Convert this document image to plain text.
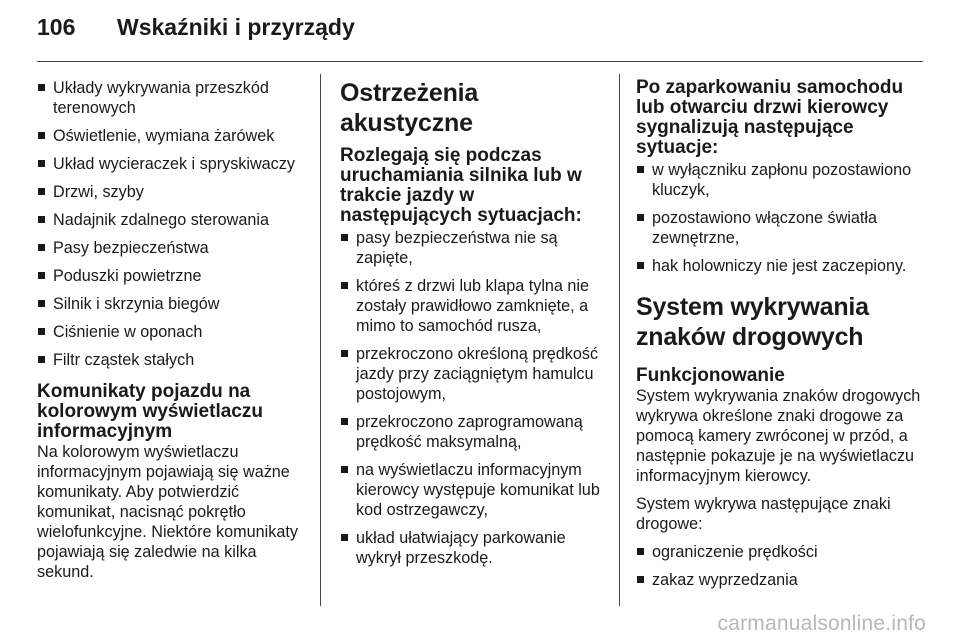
106	Wskaźniki i przyrządy
Układy wykrywania przeszkód terenowych
Oświetlenie, wymiana żarówek
Układ wycieraczek i spryskiwaczy
Drzwi, szyby
Nadajnik zdalnego sterowania
Pasy bezpieczeństwa
Poduszki powietrzne
Silnik i skrzynia biegów
Ciśnienie w oponach
Filtr cząstek stałych
Komunikaty pojazdu na kolorowym wyświetlaczu informacyjnym

Na kolorowym wyświetlaczu informacyjnym pojawiają się ważne komunikaty. Aby potwierdzić komunikat, nacisnąć pokrętło wielofunkcyjne. Niektóre komunikaty pojawiają się zaledwie na kilka sekund.

Ostrzeżenia akustyczne
Rozlegają się podczas uruchamiania silnika lub w trakcie jazdy w następujących sytuacjach:
pasy bezpieczeństwa nie są zapięte,
któreś z drzwi lub klapa tylna nie zostały prawidłowo zamknięte, a mimo to samochód rusza,
przekroczono określoną prędkość jazdy przy zaciągniętym hamulcu postojowym,
przekroczono zaprogramowaną prędkość maksymalną,
na wyświetlaczu informacyjnym kierowcy występuje komunikat lub kod ostrzegawczy,
układ ułatwiający parkowanie wykrył przeszkodę.
Po zaparkowaniu samochodu lub otwarciu drzwi kierowcy sygnalizują następujące sytuacje:
w wyłączniku zapłonu pozostawiono kluczyk,
pozostawiono włączone światła zewnętrzne,
hak holowniczy nie jest zaczepiony.
System wykrywania znaków drogowych
Funkcjonowanie

System wykrywania znaków drogowych wykrywa określone znaki drogowe za pomocą kamery zwróconej w przód, a następnie pokazuje je na wyświetlaczu informacyjnym kierowcy.

System wykrywa następujące znaki drogowe:

ograniczenie prędkości
zakaz wyprzedzania
carmanualsonline.info
